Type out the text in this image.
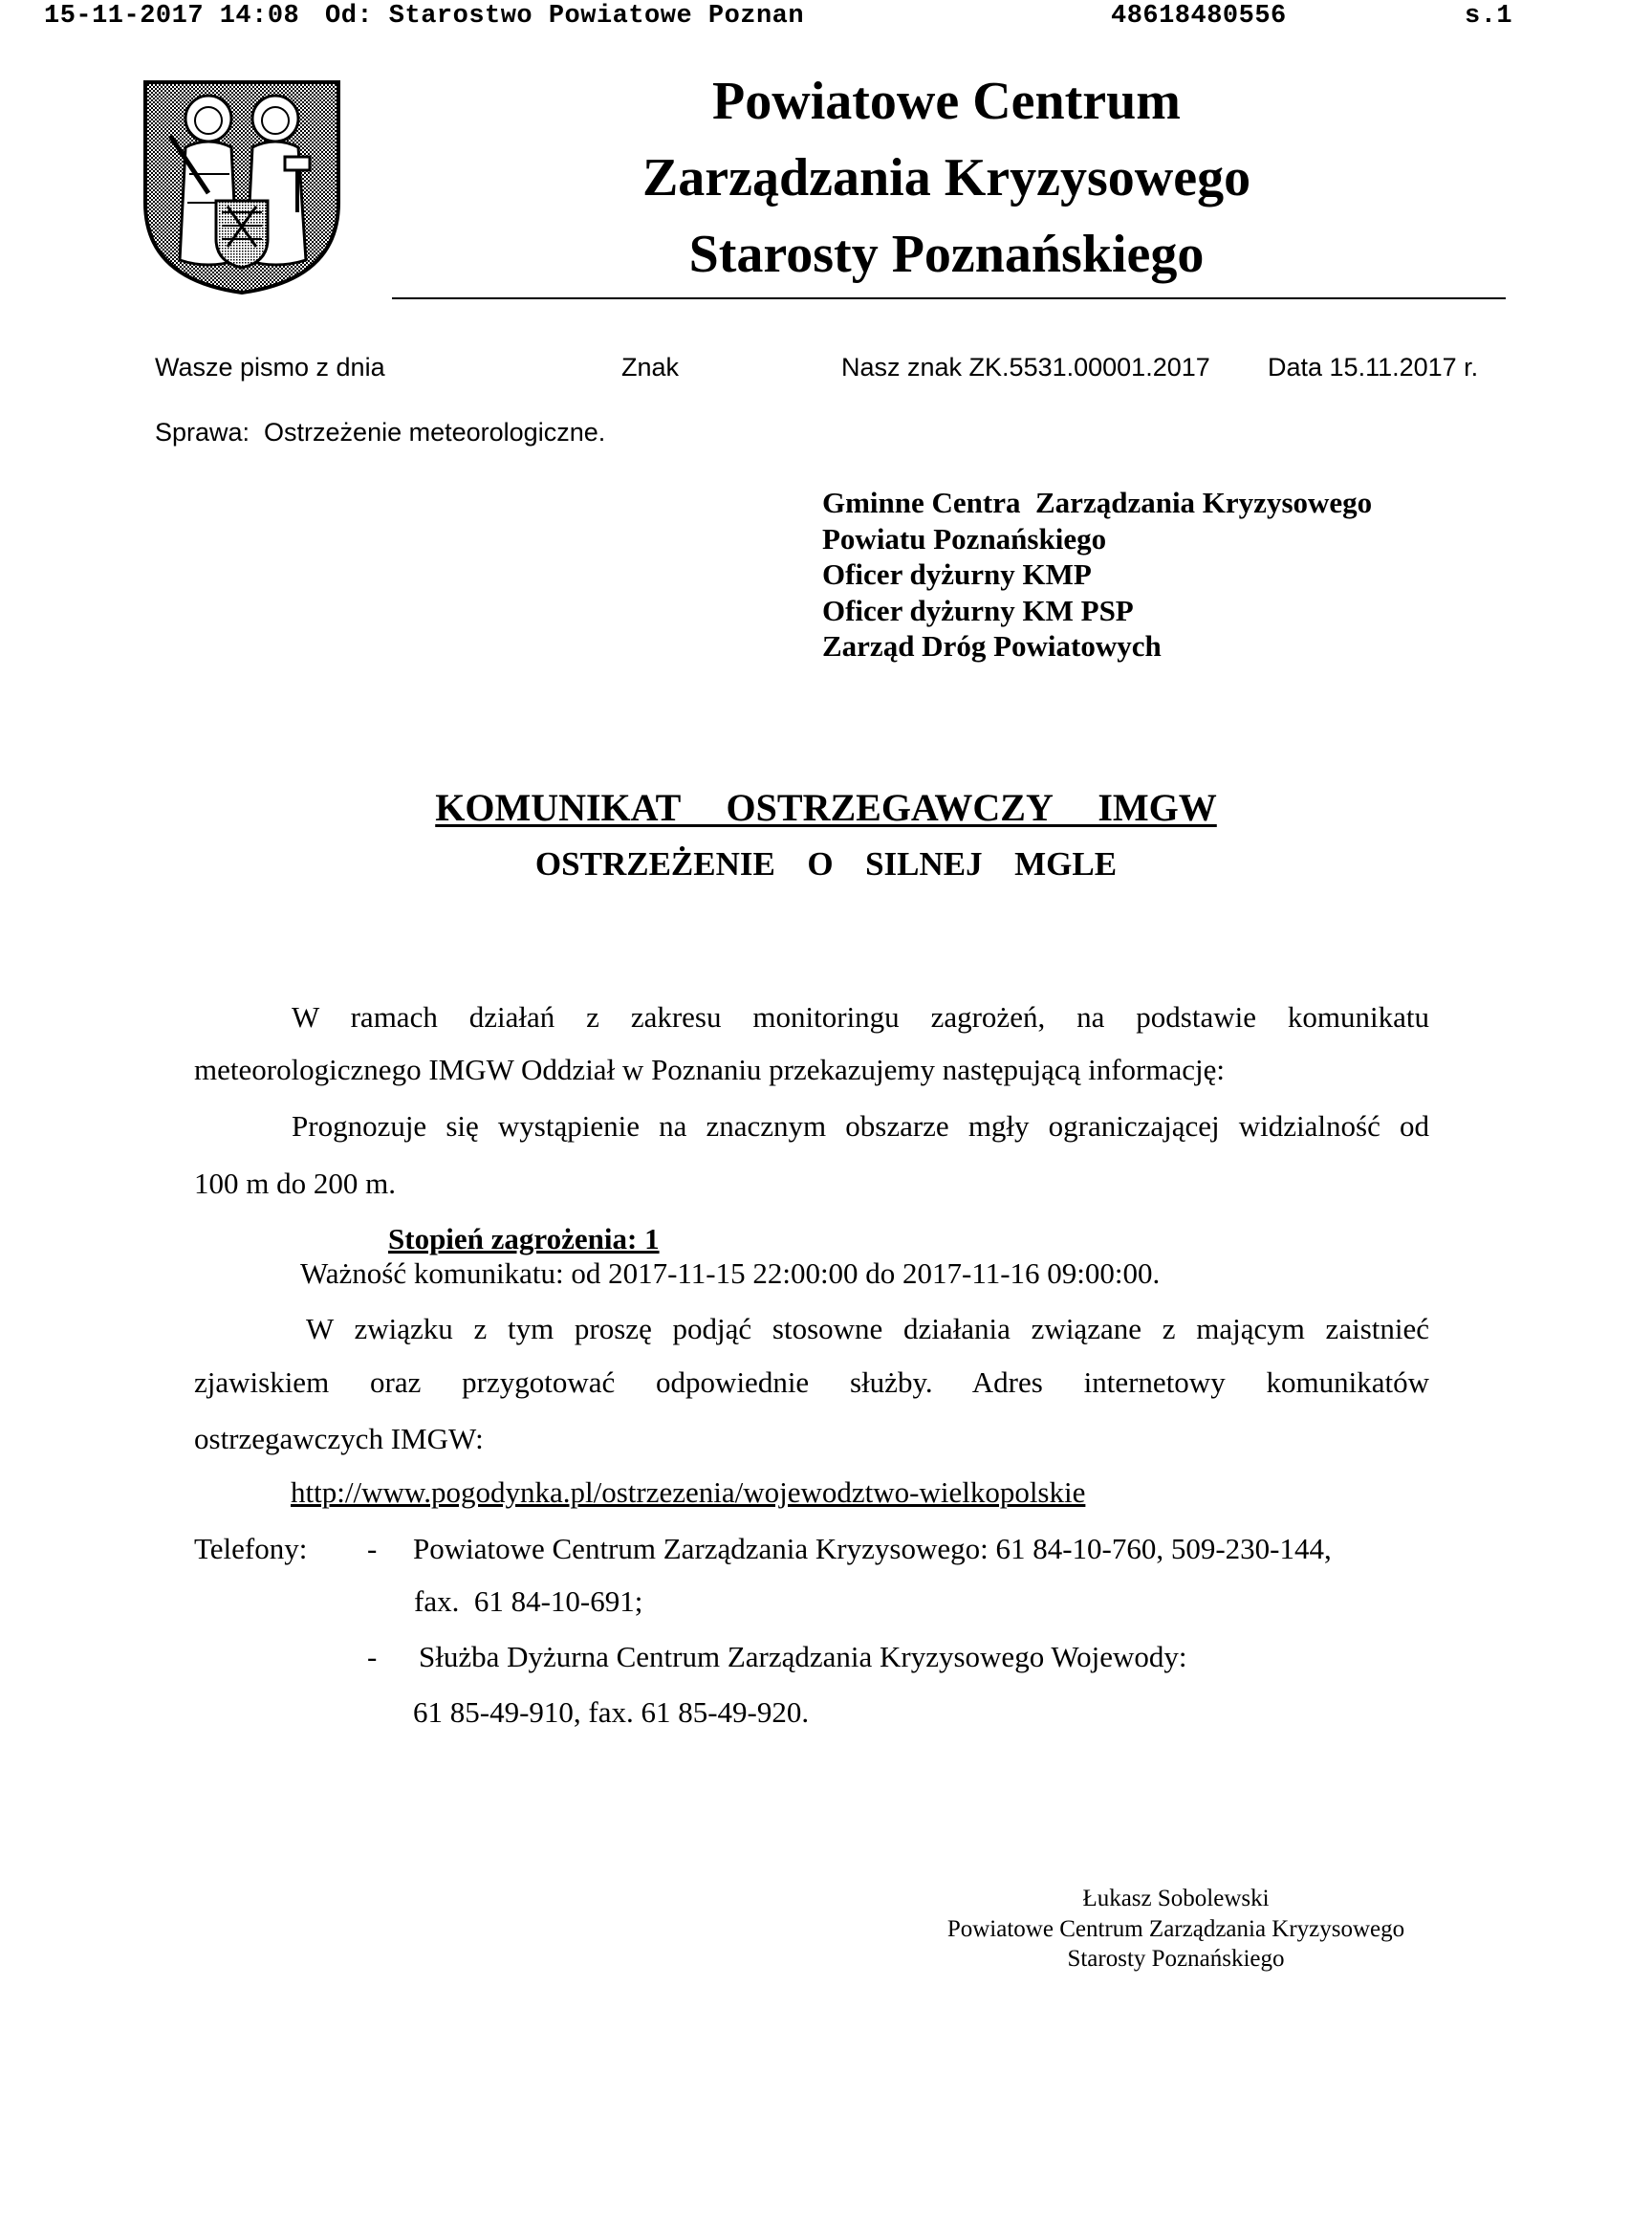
15-11-2017 14:08 Od: Starostwo Powiatowe Poznan	48618480556	s.1
Powiatowe Centrum
Zarządzania Kryzysowego
Starosty Poznańskiego
Wasze pismo z dnia	Znak	Nasz znak ZK.5531.00001.2017 Data 15.11.2017 r.
Sprawa:  Ostrzeżenie meteorologiczne.
Gminne Centra  Zarządzania Kryzysowego
Powiatu Poznańskiego
Oficer dyżurny KMP
Oficer dyżurny KM PSP
Zarząd Dróg Powiatowych
KOMUNIKAT  OSTRZEGAWCZY  IMGW
OSTRZEŻENIE  O  SILNEJ  MGLE
W ramach działań z zakresu monitoringu zagrożeń, na podstawie komunikatu
meteorologicznego IMGW Oddział w Poznaniu przekazujemy następującą informację:
Prognozuje się wystąpienie na znacznym obszarze mgły ograniczającej widzialność od
100 m do 200 m.
Stopień zagrożenia: 1
Ważność komunikatu: od 2017-11-15 22:00:00 do 2017-11-16 09:00:00.
W związku z tym proszę podjąć stosowne działania związane z mającym zaistnieć
zjawiskiem oraz przygotować odpowiednie służby. Adres internetowy komunikatów
ostrzegawczych IMGW:
http://www.pogodynka.pl/ostrzezenia/wojewodztwo-wielkopolskie
Telefony: - Powiatowe Centrum Zarządzania Kryzysowego: 61 84-10-760, 509-230-144,
fax.  61 84-10-691;
- Służba Dyżurna Centrum Zarządzania Kryzysowego Wojewody:
61 85-49-910, fax. 61 85-49-920.
Łukasz Sobolewski
Powiatowe Centrum Zarządzania Kryzysowego
Starosty Poznańskiego
